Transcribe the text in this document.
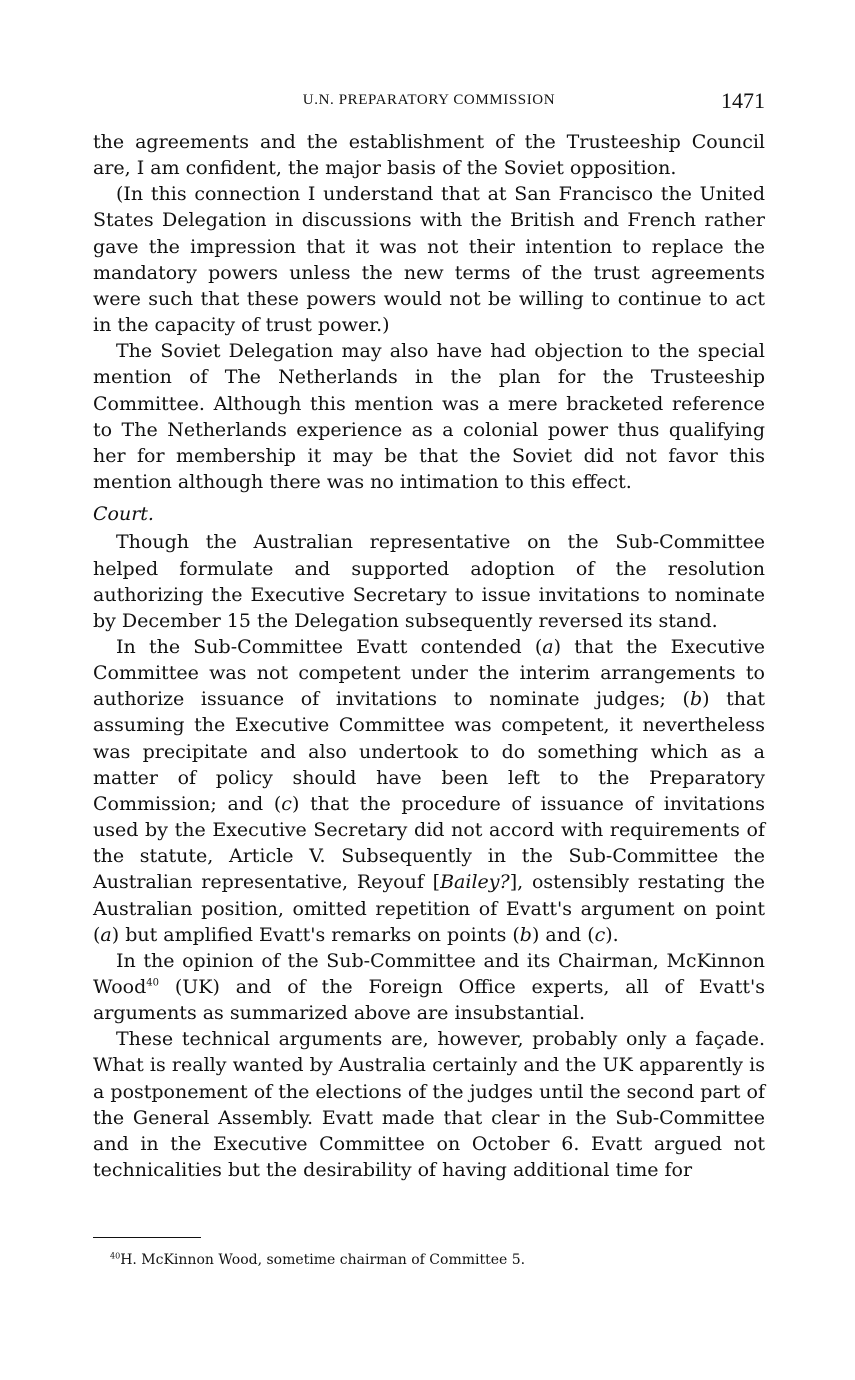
U.N. PREPARATORY COMMISSION	1471

the agreements and the establishment of the Trusteeship Council are, I am confident, the major basis of the Soviet opposition.

(In this connection I understand that at San Francisco the United States Delegation in discussions with the British and French rather gave the impression that it was not their intention to replace the mandatory powers unless the new terms of the trust agreements were such that these powers would not be willing to continue to act in the capacity of trust power.)

The Soviet Delegation may also have had objection to the special mention of The Netherlands in the plan for the Trusteeship Committee. Although this mention was a mere bracketed reference to The Netherlands experience as a colonial power thus qualifying her for membership it may be that the Soviet did not favor this mention although there was no intimation to this effect.

Court.

Though the Australian representative on the Sub-Committee helped formulate and supported adoption of the resolution authorizing the Executive Secretary to issue invitations to nominate by December 15 the Delegation subsequently reversed its stand.

In the Sub-Committee Evatt contended (a) that the Executive Committee was not competent under the interim arrangements to authorize issuance of invitations to nominate judges; (b) that assuming the Executive Committee was competent, it nevertheless was precipitate and also undertook to do something which as a matter of policy should have been left to the Preparatory Commission; and (c) that the procedure of issuance of invitations used by the Executive Secretary did not accord with requirements of the statute, Article V. Subsequently in the Sub-Committee the Australian representative, Reyouf [Bailey?], ostensibly restating the Australian position, omitted repetition of Evatt's argument on point (a) but amplified Evatt's remarks on points (b) and (c).

In the opinion of the Sub-Committee and its Chairman, McKinnon Wood$^{40}$ (UK) and of the Foreign Office experts, all of Evatt's arguments as summarized above are insubstantial.

These technical arguments are, however, probably only a façade. What is really wanted by Australia certainly and the UK apparently is a postponement of the elections of the judges until the second part of the General Assembly. Evatt made that clear in the Sub-Committee and in the Executive Committee on October 6. Evatt argued not technicalities but the desirability of having additional time for

$^{40}$H. McKinnon Wood, sometime chairman of Committee 5.
